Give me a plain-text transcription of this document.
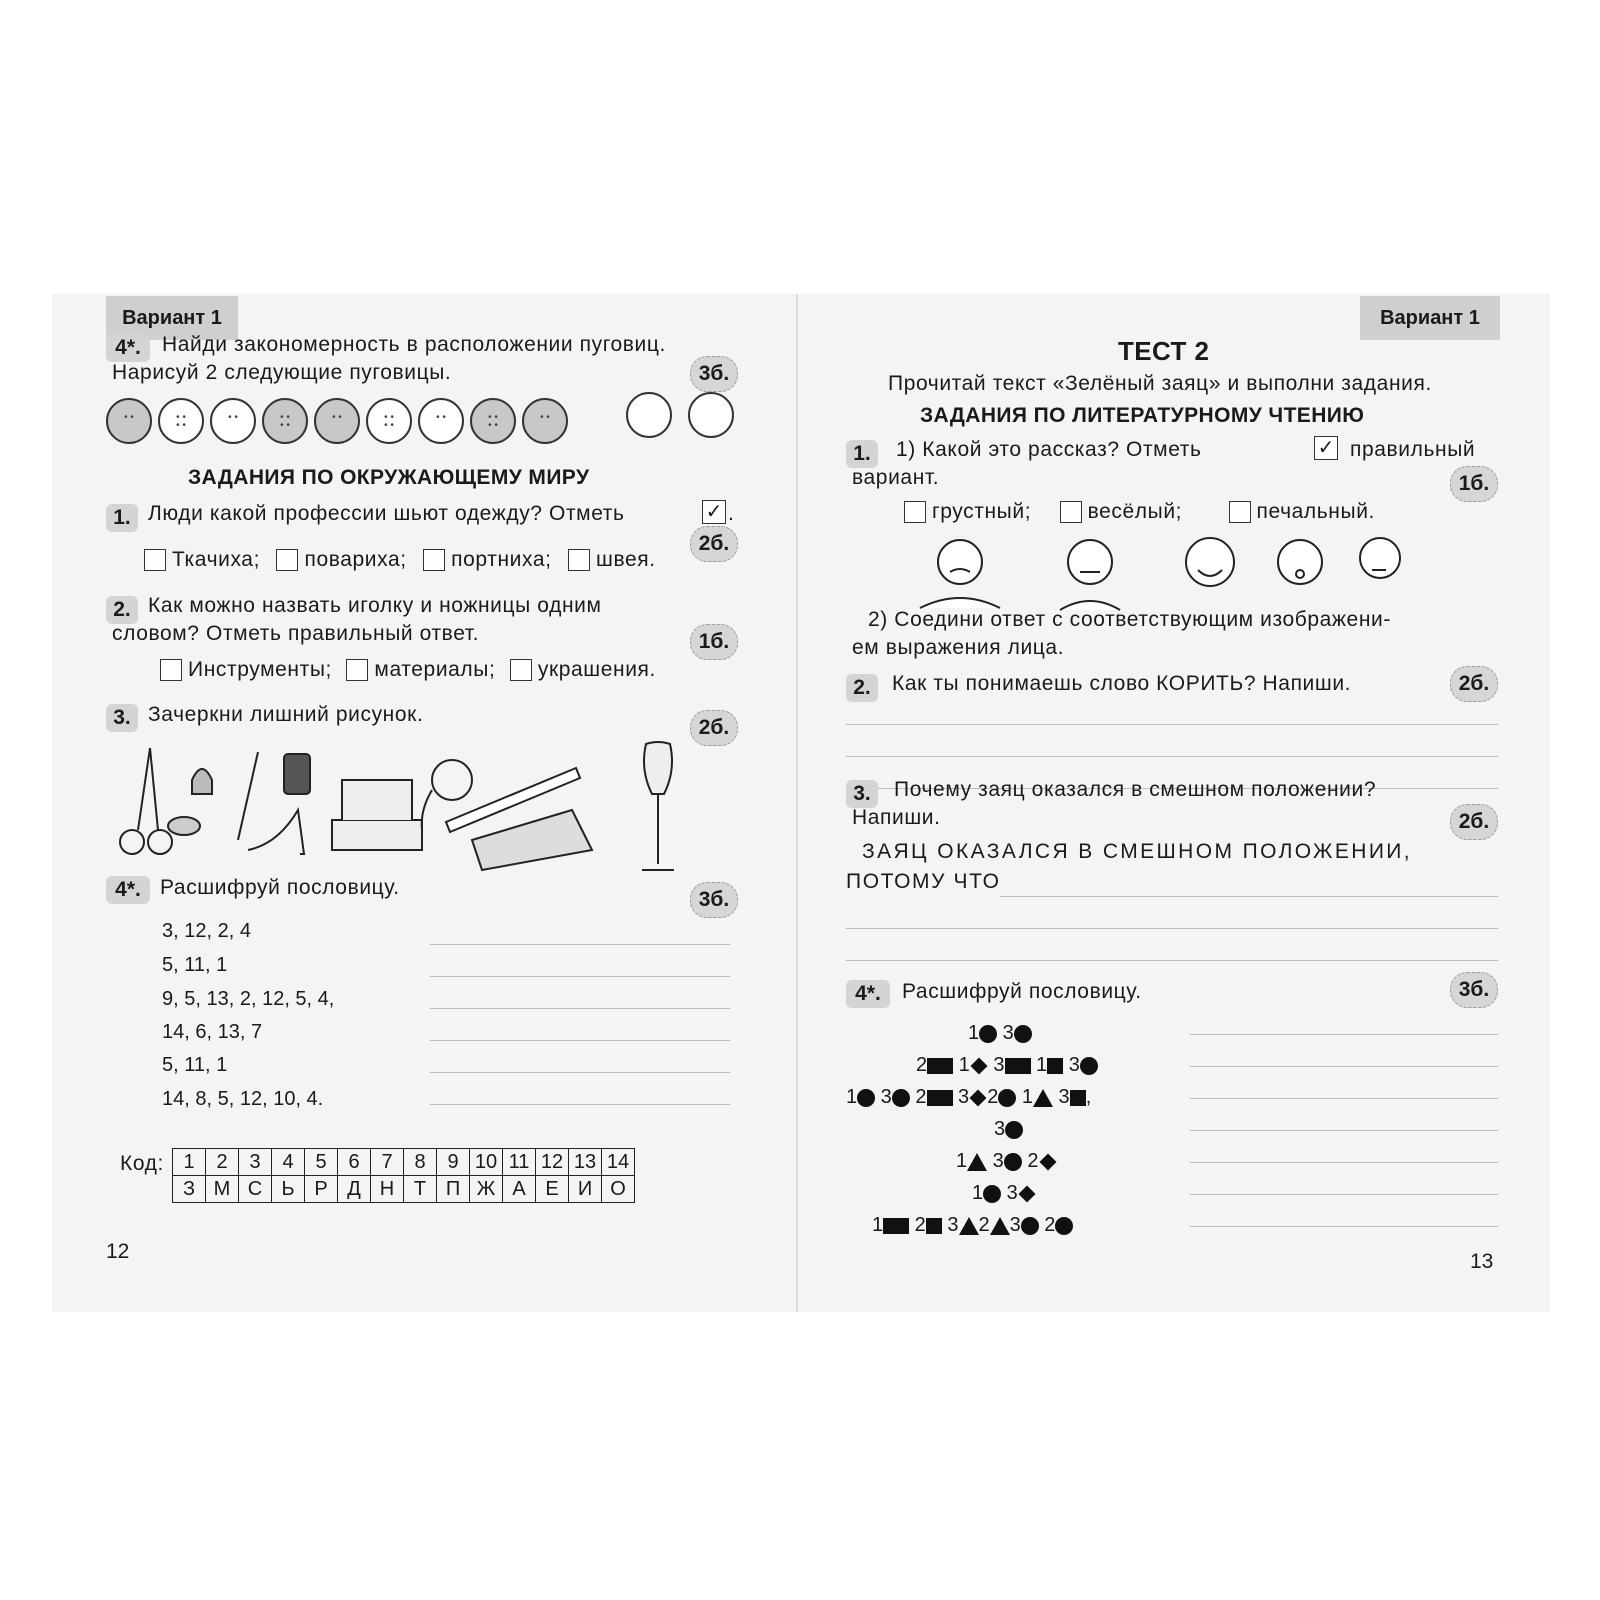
Вариант 1
4*.	Найди закономерность в расположении пуговиц.
Нарисуй 2 следующие пуговицы.	3б.
• •	• •
• •
• •	• •
• •
• •	• •
• •
• •	• •
• •
• •
ЗАДАНИЯ ПО ОКРУЖАЮЩЕМУ МИРУ
1. Люди какой профессии шьют одежду? Отметь	✓ .
2б.
Ткачиха; повариха; портниха; швея.
2. Как можно назвать иголку и ножницы одним
словом? Отметь правильный ответ.	1б.
Инструменты; материалы; украшения.
3. Зачеркни лишний рисунок.
2б.
4*. Расшифруй пословицу.
3б.
3, 12, 2, 4
5, 11, 1
9, 5, 13, 2, 12, 5, 4,
14, 6, 13, 7
5, 11, 1
14, 8, 5, 12, 10, 4.
Код: 1	2	3	4	5	6	7	8	9	10	11	12	13	14
З	М	С	Ь	Р	Д	Н	Т	П	Ж	А	Е	И	О
12
Вариант 1
ТЕСТ 2
Прочитай текст «Зелёный заяц» и выполни задания.
ЗАДАНИЯ ПО ЛИТЕРАТУРНОМУ ЧТЕНИЮ
1.	1) Какой это рассказ? Отметь	✓ правильный
вариант.	1б.
грустный;	весёлый;	печальный.
2) Соедини ответ с соответствующим изображени-
ем выражения лица.
2.	Как ты понимаешь слово КОРИТЬ? Напиши.	2б.
3.	Почему заяц оказался в смешном положении?
Напиши.	2б.
ЗАЯЦ ОКАЗАЛСЯ В СМЕШНОМ ПОЛОЖЕНИИ,
ПОТОМУ ЧТО
4*.	Расшифруй пословицу.	3б.
1 3
2 1 3 1 3
1 3 2 3 2 1 3 ,
3
1 3 2
1 3
1 2 3 2 3 2
13
